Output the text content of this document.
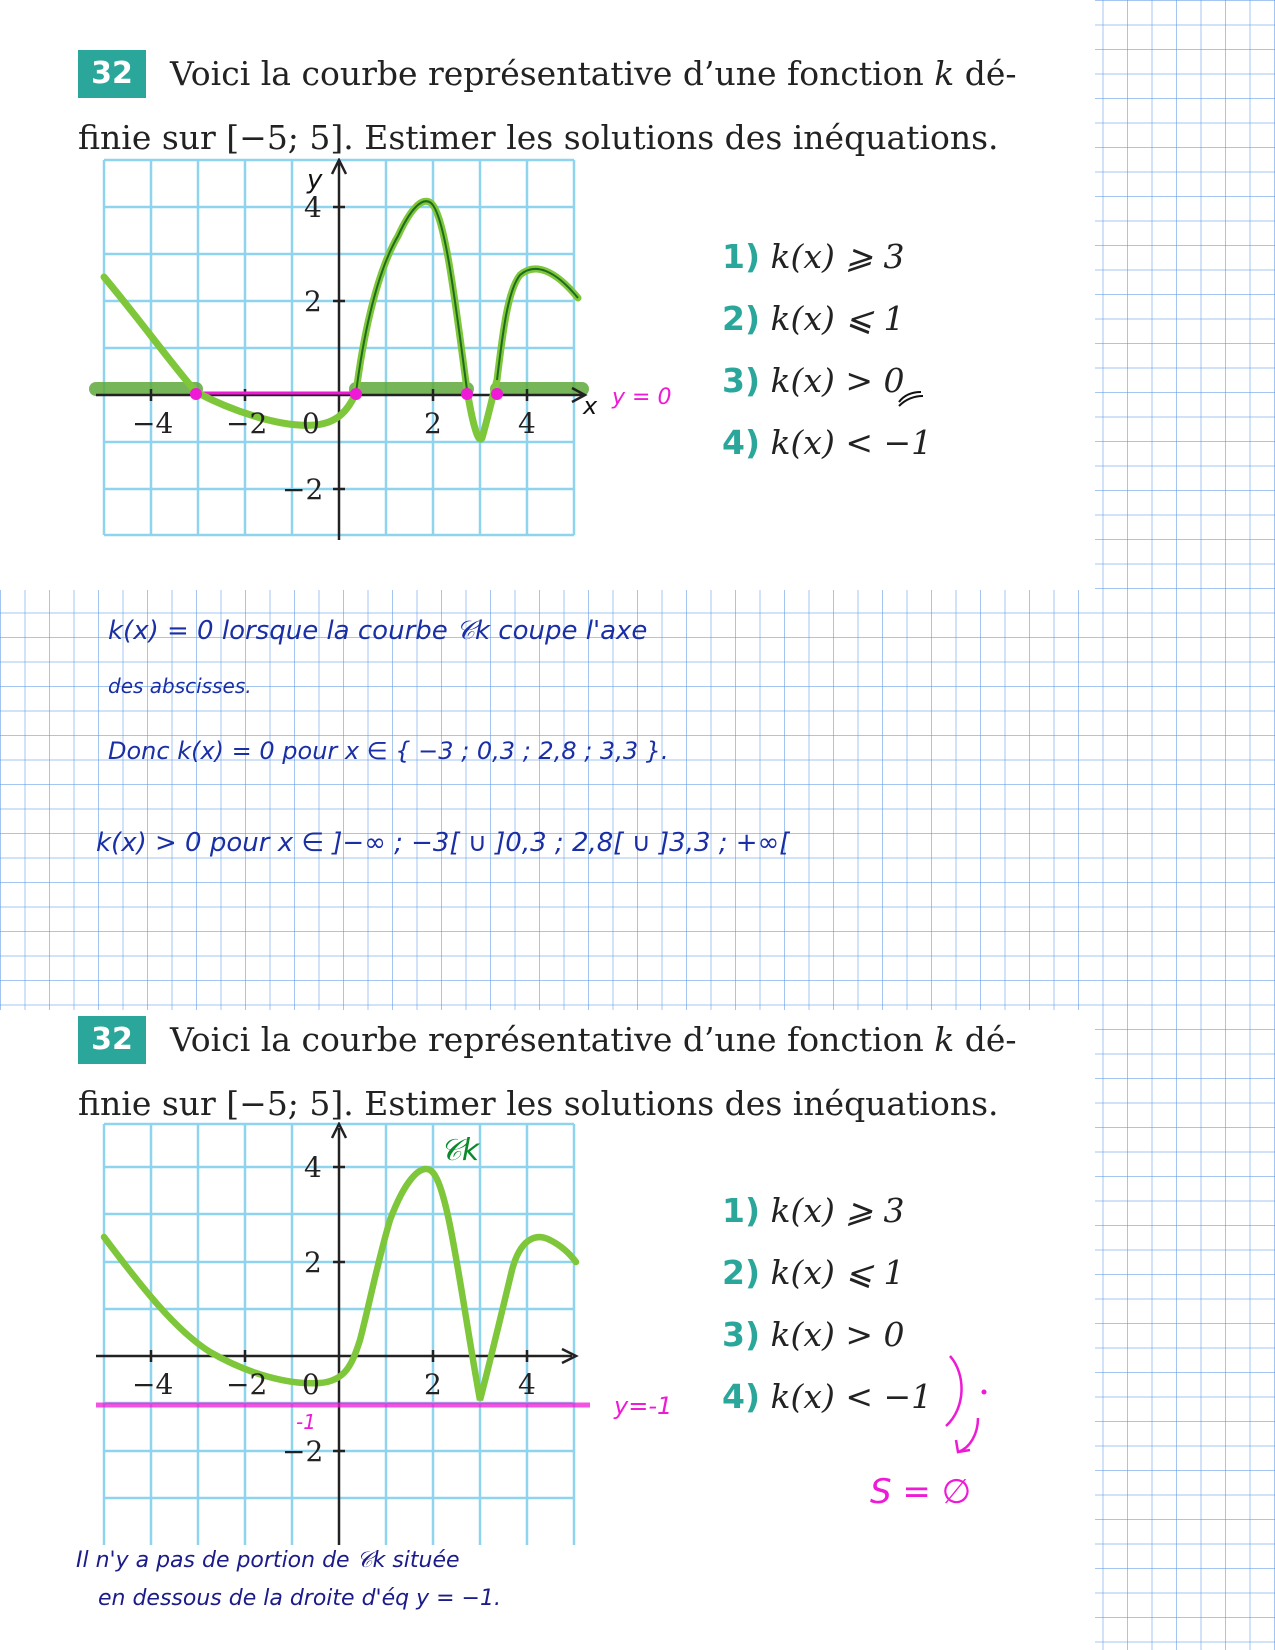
32	Voici la courbe représentative d’une fonction k dé-
finie sur [−5; 5]. Estimer les solutions des inéquations.
−4 −2 0	2	4
4
2
−2
y
x y = 0
1) k(x) ⩾ 3
2) k(x) ⩽ 1
3) k(x) > 0
4) k(x) < −1
k(x) = 0 lorsque la courbe 𝒞k coupe l'axe
des abscisses.
Donc k(x) = 0 pour x ∈ { −3 ; 0,3 ; 2,8 ; 3,3 }.
k(x) > 0 pour x ∈ ]−∞ ; −3[ ∪ ]0,3 ; 2,8[ ∪ ]3,3 ; +∞[
32	Voici la courbe représentative d’une fonction k dé-
finie sur [−5; 5]. Estimer les solutions des inéquations.
−4 −2 0	2	4
4
2
−2
𝒞k
-1
y=-1
1) k(x) ⩾ 3
2) k(x) ⩽ 1
3) k(x) > 0
4) k(x) < −1
S = ∅
Il n'y a pas de portion de 𝒞k située
en dessous de la droite d'éq y = −1.
